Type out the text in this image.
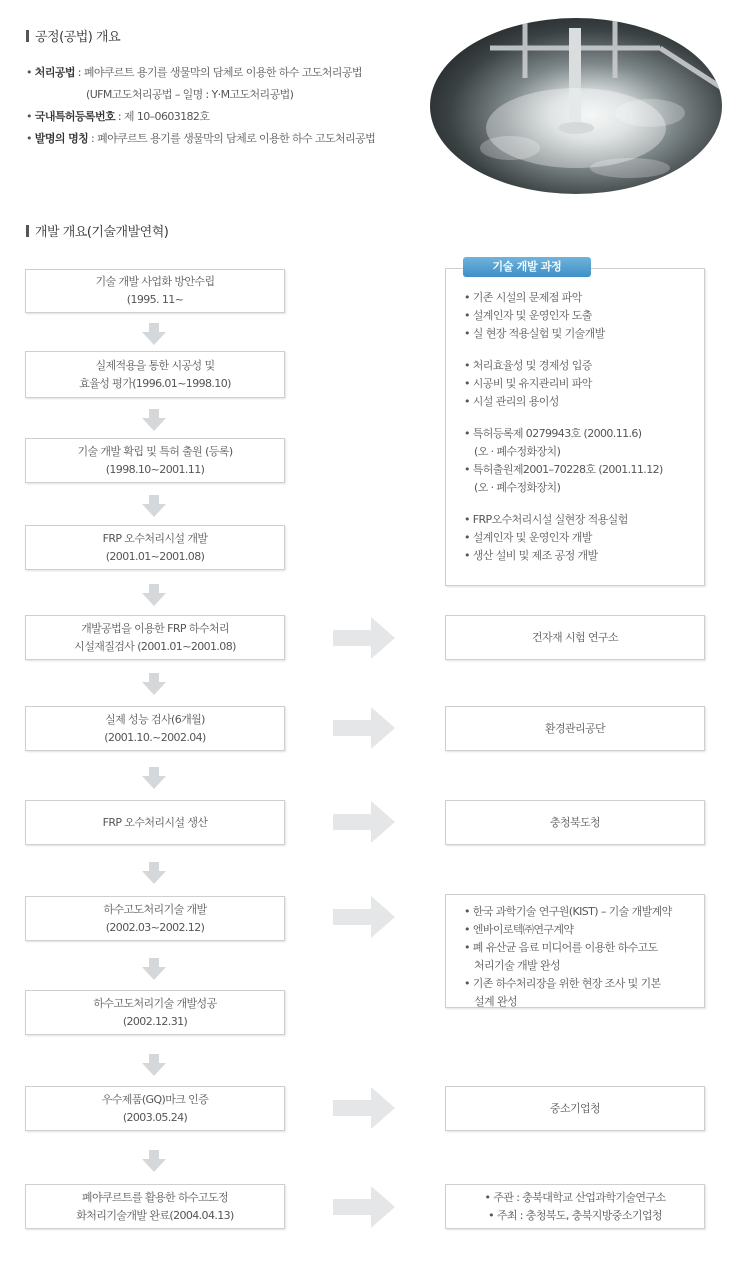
공정(공법) 개요
• 처리공법 : 폐야쿠르트 용기를 생물막의 담체로 이용한 하수 고도처리공법
(UFM고도처리공법 – 일명 : Y·M고도처리공법)
• 국내특허등록번호 : 제 10–0603182호
• 발명의 명칭 : 폐야쿠르트 용기를 생물막의 담체로 이용한 하수 고도처리공법
개발 개요(기술개발연혁)
기술 개발 사업화 방안수립
(1995. 11~
실제적용을 통한 시공성 및
효율성 평가(1996.01~1998.10)
기술 개발 확립 및 특허 출원 (등록)
(1998.10~2001.11)
FRP 오수처리시설 개발
(2001.01~2001.08)
개발공법을 이용한 FRP 하수처리
시설재질검사 (2001.01~2001.08)
실제 성능 검사(6개월)
(2001.10.~2002.04)
FRP 오수처리시설 생산
하수고도처리기술 개발
(2002.03~2002.12)
하수고도처리기술 개발성공
(2002.12.31)
우수제품(GQ)마크 인증
(2003.05.24)
폐야쿠르트를 활용한 하수고도정
화처리기술개발 완료(2004.04.13)
• 기존 시설의 문제점 파악
• 설계인자 및 운영인자 도출
• 실 현장 적용실험 및 기술개발
• 처리효율성 및 경제성 입증
• 시공비 및 유지관리비 파악
• 시설 관리의 용이성
• 특허등록제 0279943호 (2000.11.6)
(오 · 폐수정화장치)
• 특허출원제2001–70228호 (2001.11.12)
(오 · 폐수정화장치)
• FRP오수처리시설 실현장 적용실험
• 설계인자 및 운영인자 개발
• 생산 설비 및 제조 공정 개발
기술 개발 과정
건자재 시험 연구소
환경관리공단
충청북도청
• 한국 과학기술 연구원(KIST) – 기술 개발계약
• 엔바이로텍㈜연구계약
• 폐 유산균 음료 미디어를 이용한 하수고도
처리기술 개발 완성
• 기존 하수처리장을 위한 현장 조사 및 기본
설계 완성
중소기업청
• 주관 : 충북대학교 산업과학기술연구소
• 주최 : 충청북도, 충북지방중소기업청
